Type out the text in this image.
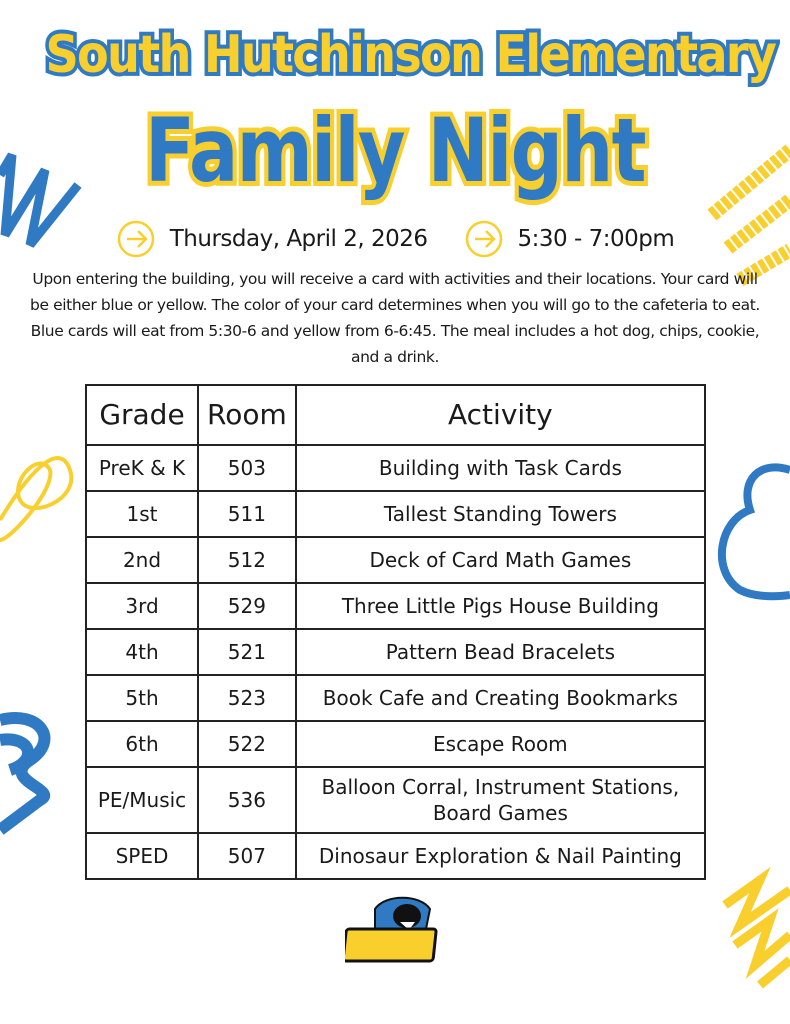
South Hutchinson Elementary
Family Night
Thursday, April 2, 2026	5:30 - 7:00pm
Upon entering the building, you will receive a card with activities and their locations. Your card will be either blue or yellow. The color of your card determines when you will go to the cafeteria to eat. Blue cards will eat from 5:30-6 and yellow from 6-6:45. The meal includes a hot dog, chips, cookie, and a drink.
Grade	Room	Activity
PreK & K	503	Building with Task Cards
1st	511	Tallest Standing Towers
2nd	512	Deck of Card Math Games
3rd	529	Three Little Pigs House Building
4th	521	Pattern Bead Bracelets
5th	523	Book Cafe and Creating Bookmarks
6th	522	Escape Room
PE/Music	536	Balloon Corral, Instrument Stations, Board Games
SPED	507	Dinosaur Exploration & Nail Painting
